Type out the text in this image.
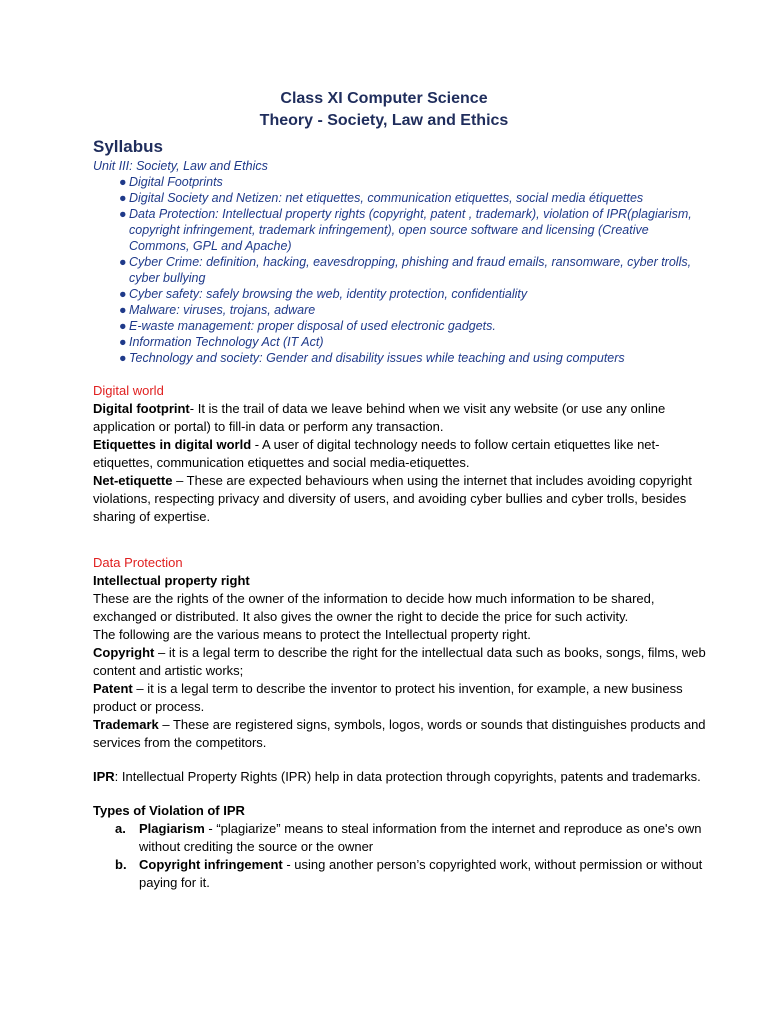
Class XI Computer Science
Theory - Society, Law and Ethics
Syllabus
Unit III: Society, Law and Ethics
● Digital Footprints
● Digital Society and Netizen: net etiquettes, communication etiquettes, social media étiquettes
● Data Protection: Intellectual property rights (copyright, patent , trademark), violation of IPR(plagiarism, copyright infringement, trademark infringement), open source software and licensing (Creative Commons, GPL and Apache)
● Cyber Crime: definition, hacking, eavesdropping, phishing and fraud emails, ransomware, cyber trolls, cyber bullying
● Cyber safety: safely browsing the web, identity protection, confidentiality
● Malware: viruses, trojans, adware
● E-waste management: proper disposal of used electronic gadgets.
● Information Technology Act (IT Act)
● Technology and society: Gender and disability issues while teaching and using computers
Digital world
Digital footprint- It is the trail of data we leave behind when we visit any website (or use any online application or portal) to fill-in data or perform any transaction.
Etiquettes in digital world - A user of digital technology needs to follow certain etiquettes like net-etiquettes, communication etiquettes and social media-etiquettes.
Net-etiquette – These are expected behaviours when using the internet that includes avoiding copyright violations, respecting privacy and diversity of users, and avoiding cyber bullies and cyber trolls, besides sharing of expertise.
Data Protection
Intellectual property right
These are the rights of the owner of the information to decide how much information to be shared, exchanged or distributed. It also gives the owner the right to decide the price for such activity.
The following are the various means to protect the Intellectual property right.
Copyright – it is a legal term to describe the right for the intellectual data such as books, songs, films, web content and artistic works;
Patent – it is a legal term to describe the inventor to protect his invention, for example, a new business product or process.
Trademark – These are registered signs, symbols, logos, words or sounds that distinguishes products and services from the competitors.
IPR: Intellectual Property Rights (IPR) help in data protection through copyrights, patents and trademarks.
Types of Violation of IPR
a. Plagiarism - “plagiarize” means to steal information from the internet and reproduce as one's own without crediting the source or the owner
b. Copyright infringement - using another person’s copyrighted work, without permission or without paying for it.
